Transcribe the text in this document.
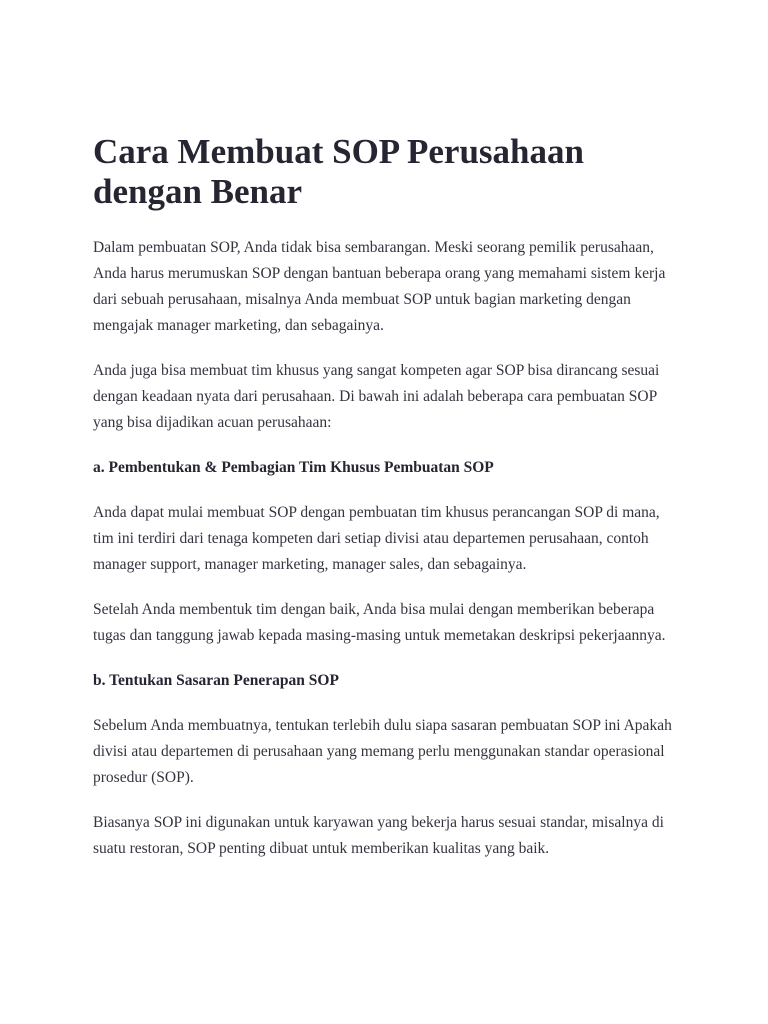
Cara Membuat SOP Perusahaan dengan Benar

Dalam pembuatan SOP, Anda tidak bisa sembarangan. Meski seorang pemilik perusahaan, Anda harus merumuskan SOP dengan bantuan beberapa orang yang memahami sistem kerja dari sebuah perusahaan, misalnya Anda membuat SOP untuk bagian marketing dengan mengajak manager marketing, dan sebagainya.

Anda juga bisa membuat tim khusus yang sangat kompeten agar SOP bisa dirancang sesuai dengan keadaan nyata dari perusahaan. Di bawah ini adalah beberapa cara pembuatan SOP yang bisa dijadikan acuan perusahaan:

a. Pembentukan & Pembagian Tim Khusus Pembuatan SOP

Anda dapat mulai membuat SOP dengan pembuatan tim khusus perancangan SOP di mana, tim ini terdiri dari tenaga kompeten dari setiap divisi atau departemen perusahaan, contoh manager support, manager marketing, manager sales, dan sebagainya.

Setelah Anda membentuk tim dengan baik, Anda bisa mulai dengan memberikan beberapa tugas dan tanggung jawab kepada masing-masing untuk memetakan deskripsi pekerjaannya.

b. Tentukan Sasaran Penerapan SOP

Sebelum Anda membuatnya, tentukan terlebih dulu siapa sasaran pembuatan SOP ini Apakah divisi atau departemen di perusahaan yang memang perlu menggunakan standar operasional prosedur (SOP).

Biasanya SOP ini digunakan untuk karyawan yang bekerja harus sesuai standar, misalnya di suatu restoran, SOP penting dibuat untuk memberikan kualitas yang baik.
